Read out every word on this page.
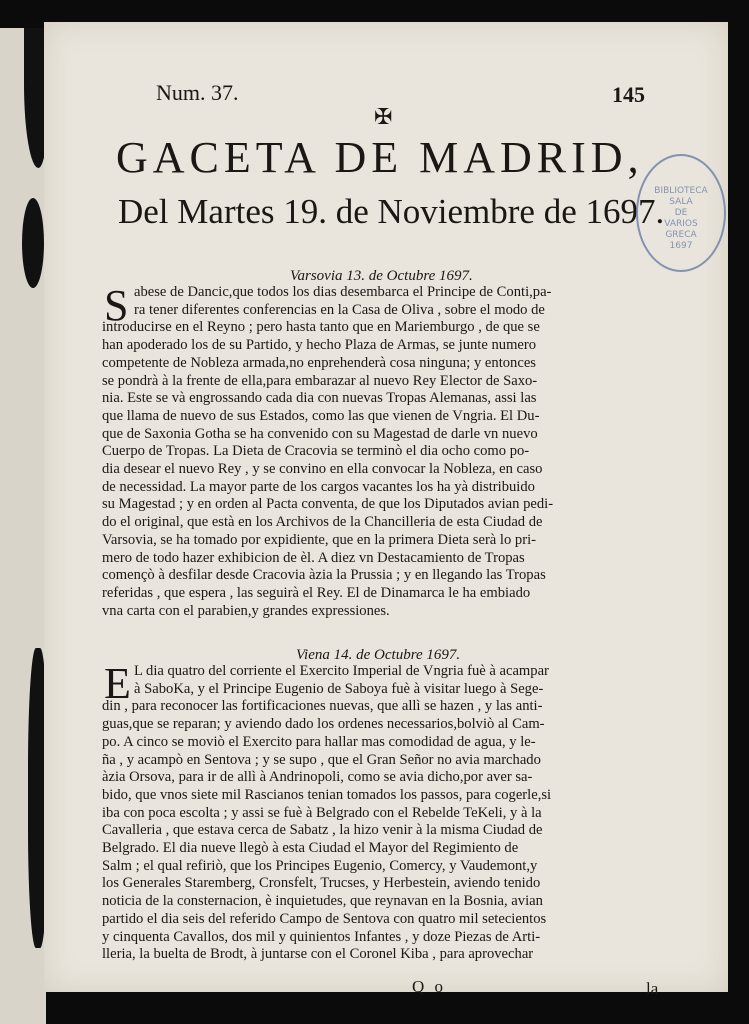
Num. 37.	145
✠
GACETA DE MADRID,
Del Martes 19. de Noviembre de 1697.
BIBLIOTECA
SALA
DE
VARIOS
GRECA
1697
Varsovia 13. de Octubre 1697.
S abese de Dancic,que todos los dias desembarca el Principe de Conti,pa-
ra tener diferentes conferencias en la Casa de Oliva , sobre el modo de
introducirse en el Reyno ; pero hasta tanto que en Mariemburgo , de que se
han apoderado los de su Partido, y hecho Plaza de Armas, se junte numero
competente de Nobleza armada,no enprehenderà cosa ninguna; y entonces
se pondrà à la frente de ella,para embarazar al nuevo Rey Elector de Saxo-
nia. Este se và engrossando cada dia con nuevas Tropas Alemanas, assi las
que llama de nuevo de sus Estados, como las que vienen de Vngria. El Du-
que de Saxonia Gotha se ha convenido con su Magestad de darle vn nuevo
Cuerpo de Tropas. La Dieta de Cracovia se terminò el dia ocho como po-
dia desear el nuevo Rey , y se convino en ella convocar la Nobleza, en caso
de necessidad. La mayor parte de los cargos vacantes los ha yà distribuido
su Magestad ; y en orden al Pacta conventa, de que los Diputados avian pedi-
do el original, que està en los Archivos de la Chancilleria de esta Ciudad de
Varsovia, se ha tomado por expidiente, que en la primera Dieta serà lo pri-
mero de todo hazer exhibicion de èl. A diez vn Destacamiento de Tropas
començò à desfilar desde Cracovia àzia la Prussia ; y en llegando las Tropas
referidas , que espera , las seguirà el Rey. El de Dinamarca le ha embiado
vna carta con el parabien,y grandes expressiones.
Viena 14. de Octubre 1697.
E L dia quatro del corriente el Exercito Imperial de Vngria fuè à acampar
à SaboKa, y el Principe Eugenio de Saboya fuè à visitar luego à Sege-
din , para reconocer las fortificaciones nuevas, que allì se hazen , y las anti-
guas,que se reparan; y aviendo dado los ordenes necessarios,bolviò al Cam-
po. A cinco se moviò el Exercito para hallar mas comodidad de agua, y le-
ña , y acampò en Sentova ; y se supo , que el Gran Señor no avia marchado
àzia Orsova, para ir de allì à Andrinopoli, como se avia dicho,por aver sa-
bido, que vnos siete mil Rascianos tenian tomados los passos, para cogerle,si
iba con poca escolta ; y assi se fuè à Belgrado con el Rebelde TeKeli, y à la
Cavalleria , que estava cerca de Sabatz , la hizo venir à la misma Ciudad de
Belgrado. El dia nueve llegò à esta Ciudad el Mayor del Regimiento de
Salm ; el qual refiriò, que los Principes Eugenio, Comercy, y Vaudemont,y
los Generales Staremberg, Cronsfelt, Trucses, y Herbestein, aviendo tenido
noticia de la consternacion, è inquietudes, que reynavan en la Bosnia, avian
partido el dia seis del referido Campo de Sentova con quatro mil setecientos
y cinquenta Cavallos, dos mil y quinientos Infantes , y doze Piezas de Arti-
lleria, la buelta de Brodt, à juntarse con el Coronel Kiba , para aprovechar
Q o	la
